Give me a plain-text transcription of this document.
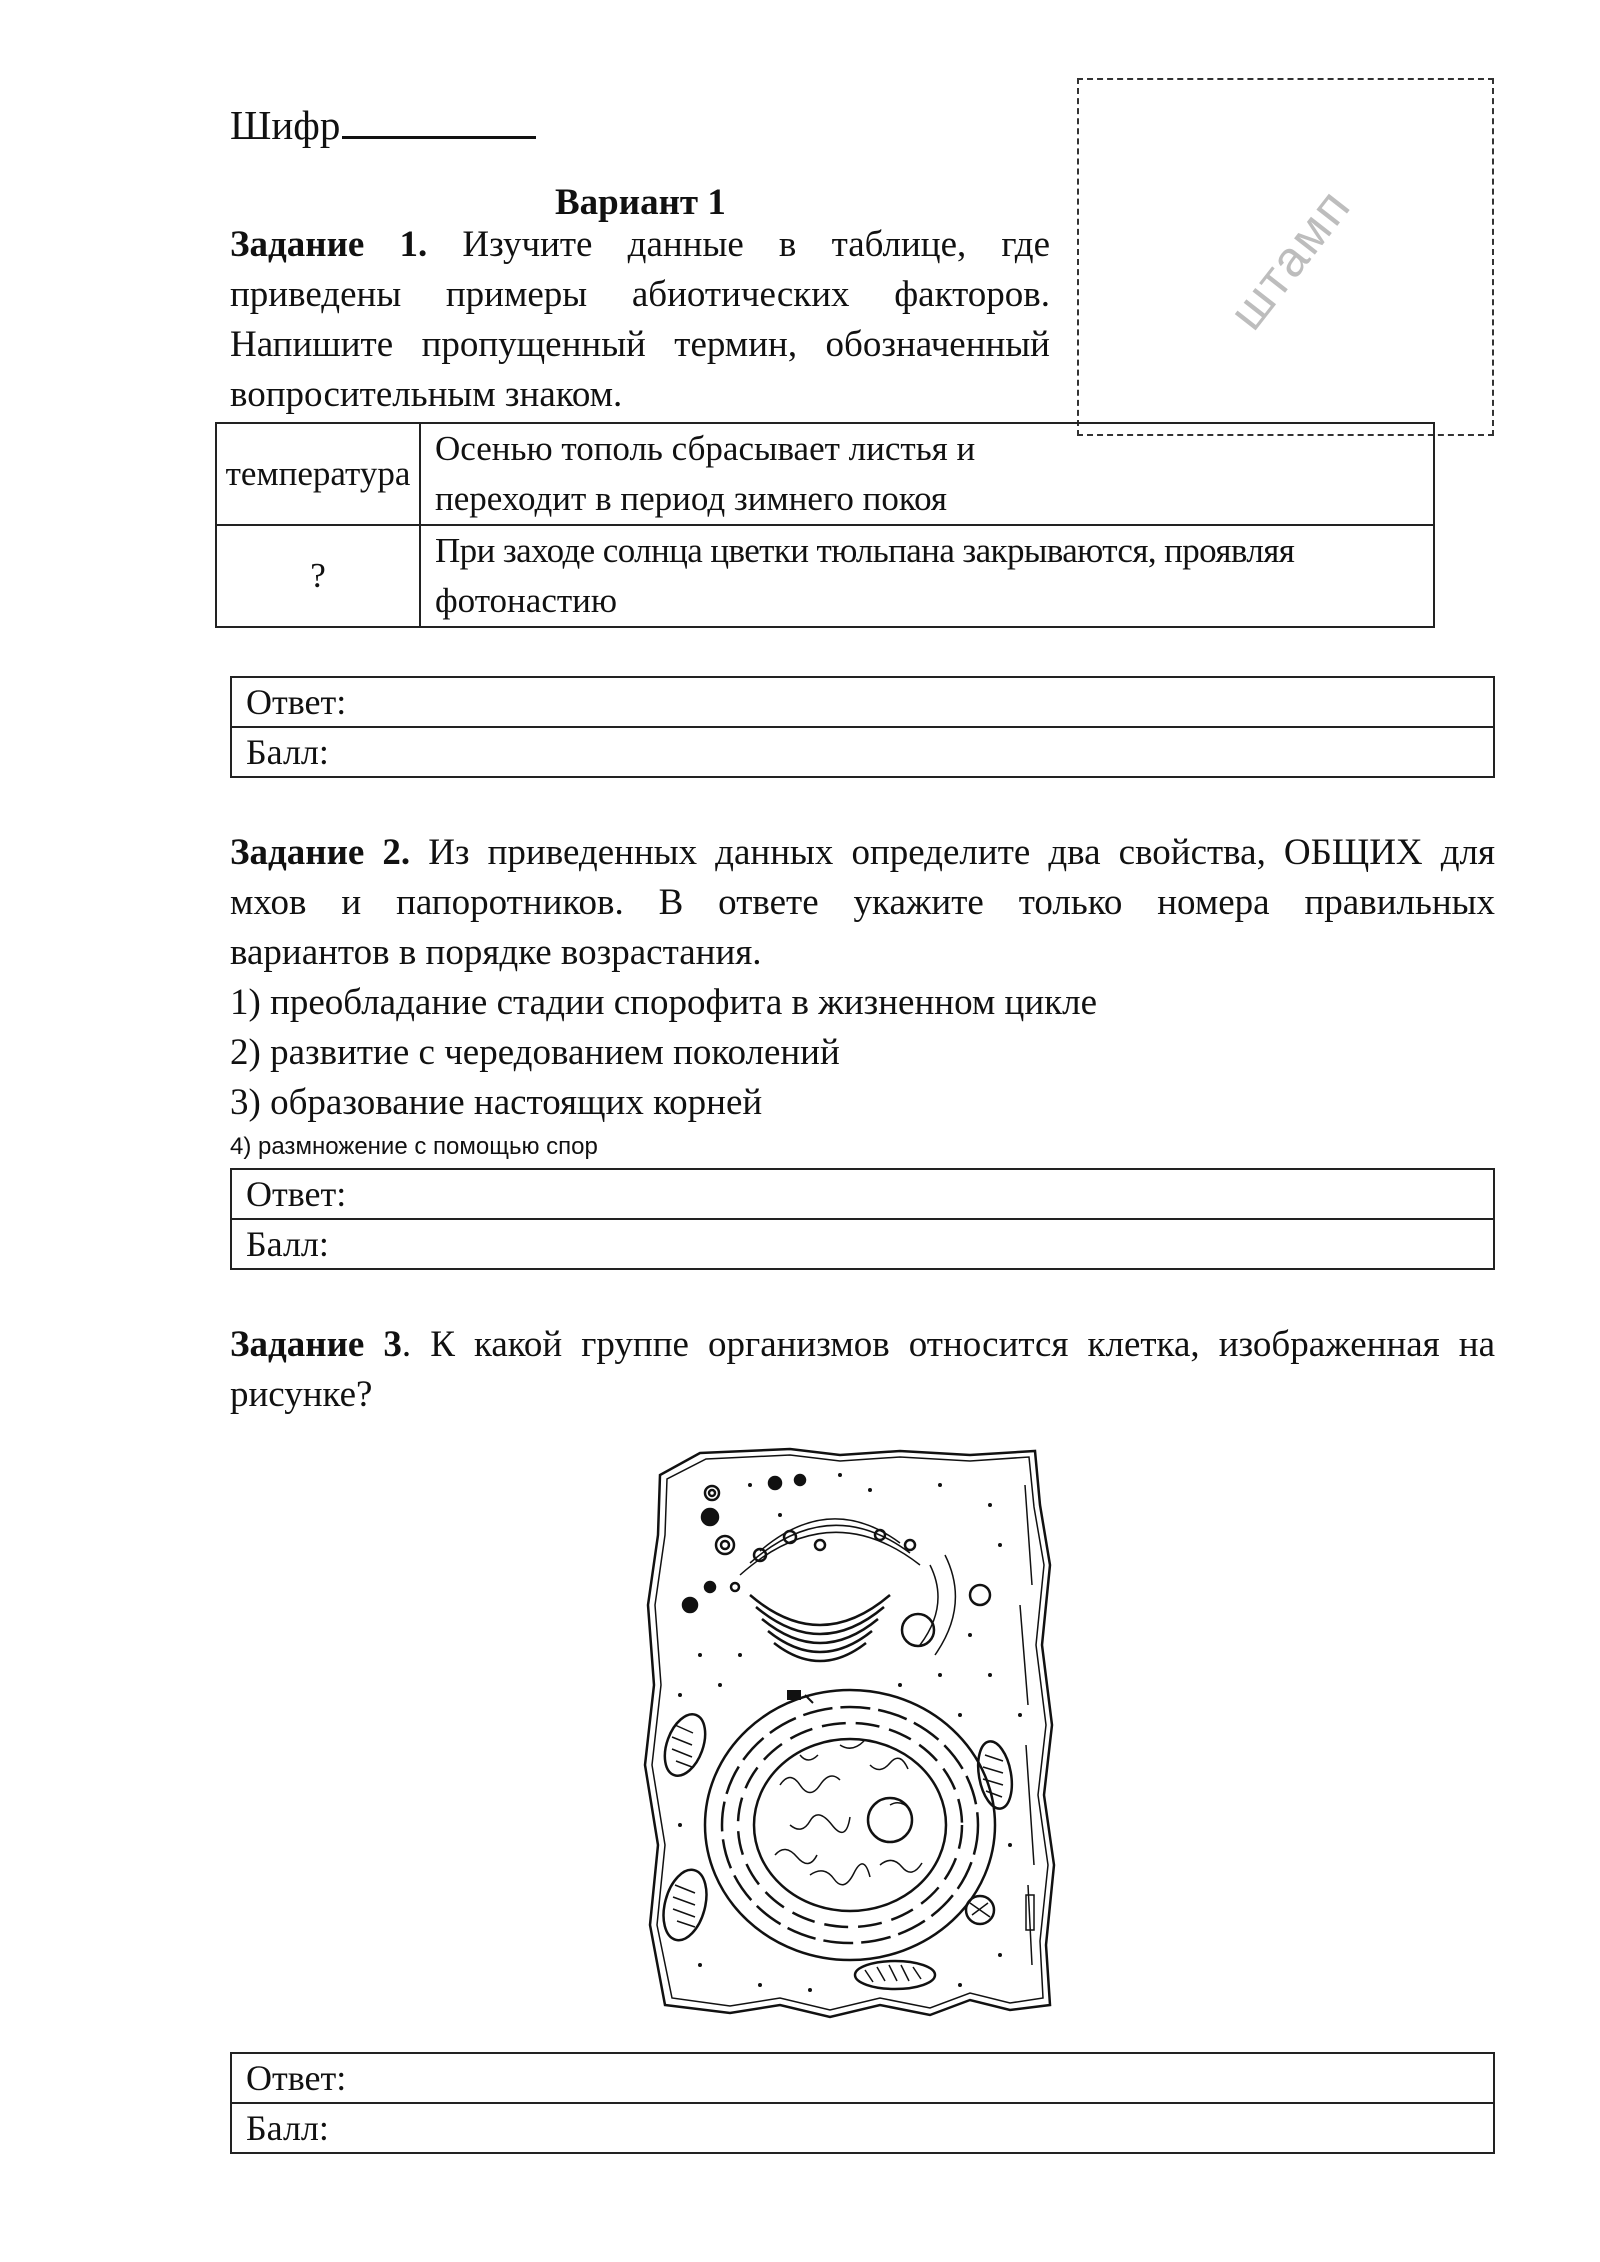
Шифр
Вариант 1	штамп
Задание 1. Изучите данные в таблице, где
приведены примеры абиотических факторов.
Напишите пропущенный термин, обозначенный
вопросительным знаком.
температура	Осенью тополь сбрасывает листья и
переходит в период зимнего покоя

?	При заходе солнца цветки тюльпана закрываются, проявляя
фотонастию
Ответ:
Балл:
Задание 2. Из приведенных данных определите два свойства, ОБЩИХ для
мхов и папоротников. В ответе укажите только номера правильных
вариантов в порядке возрастания.
1) преобладание стадии спорофита в жизненном цикле
2) развитие с чередованием поколений
3) образование настоящих корней
4) размножение с помощью спор
Ответ:
Балл:
Задание 3. К какой группе организмов относится клетка, изображенная на
рисунке?
Ответ:
Балл:
